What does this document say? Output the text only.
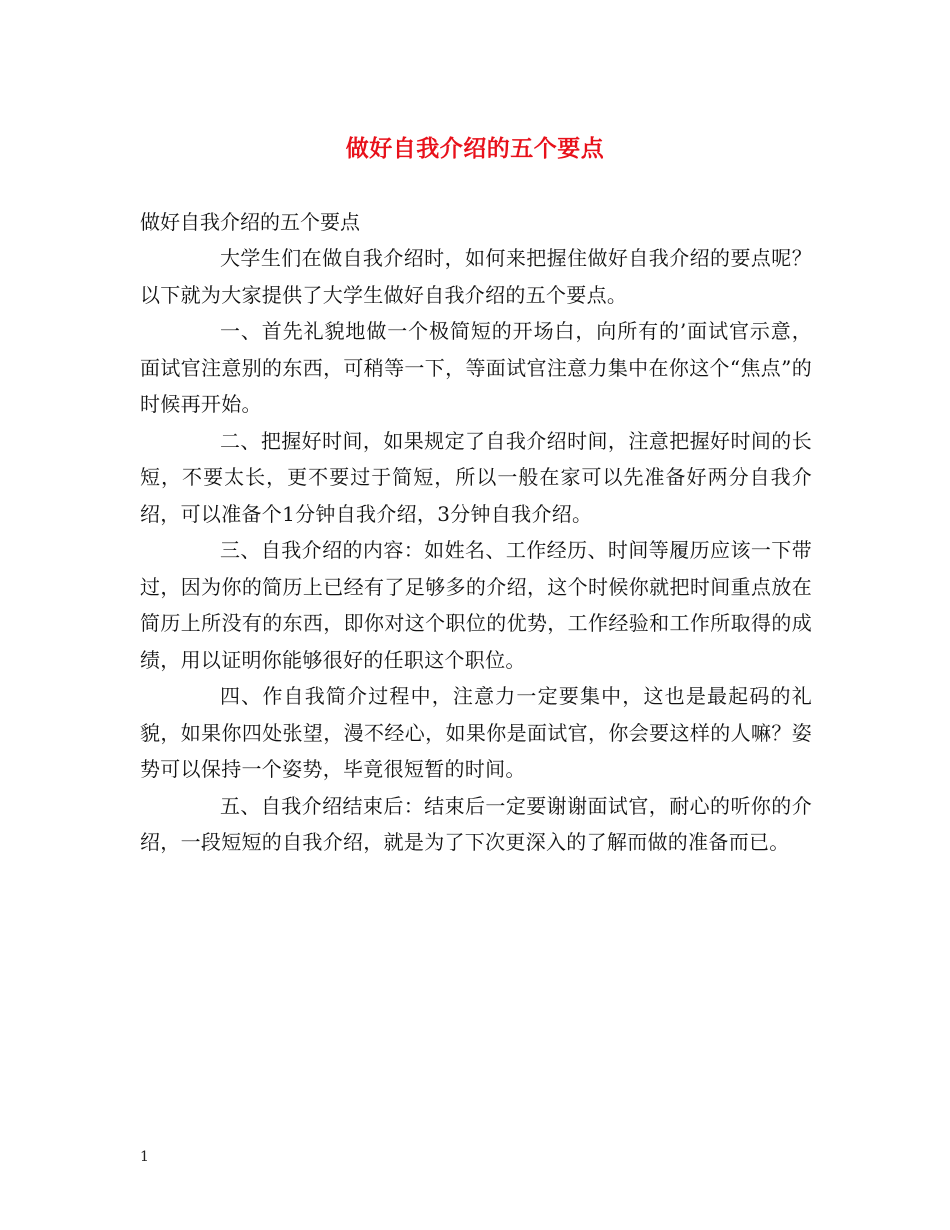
做好自我介绍的五个要点

做好自我介绍的五个要点

大学生们在做自我介绍时，如何来把握住做好自我介绍的要点呢？以下就为大家提供了大学生做好自我介绍的五个要点。

一、首先礼貌地做一个极简短的开场白，向所有的’面试官示意，面试官注意别的东西，可稍等一下，等面试官注意力集中在你这个“焦点”的时候再开始。

二、把握好时间，如果规定了自我介绍时间，注意把握好时间的长短，不要太长，更不要过于简短，所以一般在家可以先准备好两分自我介绍，可以准备个1分钟自我介绍，3分钟自我介绍。

三、自我介绍的内容：如姓名、工作经历、时间等履历应该一下带过，因为你的简历上已经有了足够多的介绍，这个时候你就把时间重点放在简历上所没有的东西，即你对这个职位的优势，工作经验和工作所取得的成绩，用以证明你能够很好的任职这个职位。

四、作自我简介过程中，注意力一定要集中，这也是最起码的礼貌，如果你四处张望，漫不经心，如果你是面试官，你会要这样的人嘛？姿势可以保持一个姿势，毕竟很短暂的时间。

五、自我介绍结束后：结束后一定要谢谢面试官，耐心的听你的介绍，一段短短的自我介绍，就是为了下次更深入的了解而做的准备而已。

1
